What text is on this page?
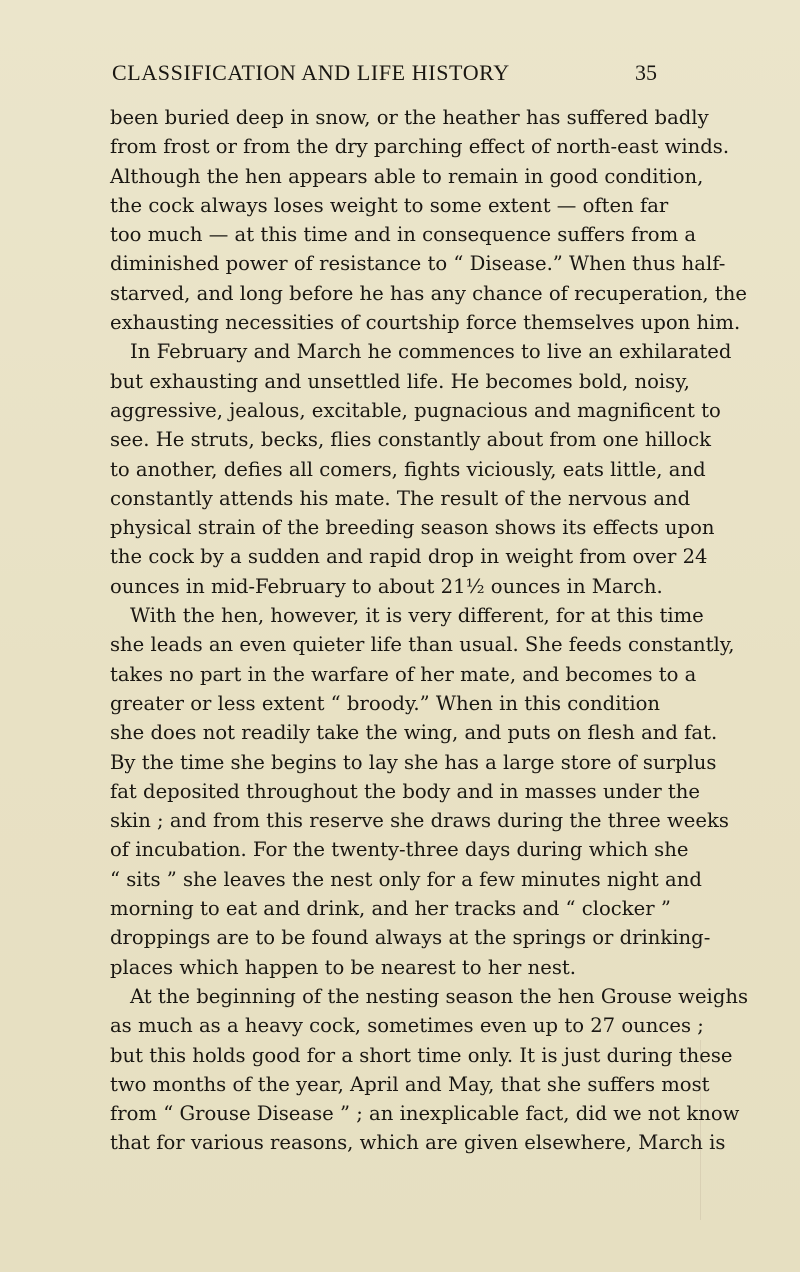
CLASSIFICATION AND LIFE HISTORY	35
been buried deep in snow, or the heather has suffered badly
from frost or from the dry parching effect of north-east winds.
Although the hen appears able to remain in good condition,
the cock always loses weight to some extent — often far
too much — at this time and in consequence suffers from a
diminished power of resistance to “ Disease.” When thus half-
starved, and long before he has any chance of recuperation, the
exhausting necessities of courtship force themselves upon him.
In February and March he commences to live an exhilarated
but exhausting and unsettled life. He becomes bold, noisy,
aggressive, jealous, excitable, pugnacious and magnificent to
see. He struts, becks, flies constantly about from one hillock
to another, defies all comers, fights viciously, eats little, and
constantly attends his mate. The result of the nervous and
physical strain of the breeding season shows its effects upon
the cock by a sudden and rapid drop in weight from over 24
ounces in mid-February to about 21½ ounces in March.
With the hen, however, it is very different, for at this time
she leads an even quieter life than usual. She feeds constantly,
takes no part in the warfare of her mate, and becomes to a
greater or less extent “ broody.” When in this condition
she does not readily take the wing, and puts on flesh and fat.
By the time she begins to lay she has a large store of surplus
fat deposited throughout the body and in masses under the
skin ; and from this reserve she draws during the three weeks
of incubation. For the twenty-three days during which she
“ sits ” she leaves the nest only for a few minutes night and
morning to eat and drink, and her tracks and “ clocker ”
droppings are to be found always at the springs or drinking-
places which happen to be nearest to her nest.
At the beginning of the nesting season the hen Grouse weighs
as much as a heavy cock, sometimes even up to 27 ounces ;
but this holds good for a short time only. It is just during these
two months of the year, April and May, that she suffers most
from “ Grouse Disease ” ; an inexplicable fact, did we not know
that for various reasons, which are given elsewhere, March is
